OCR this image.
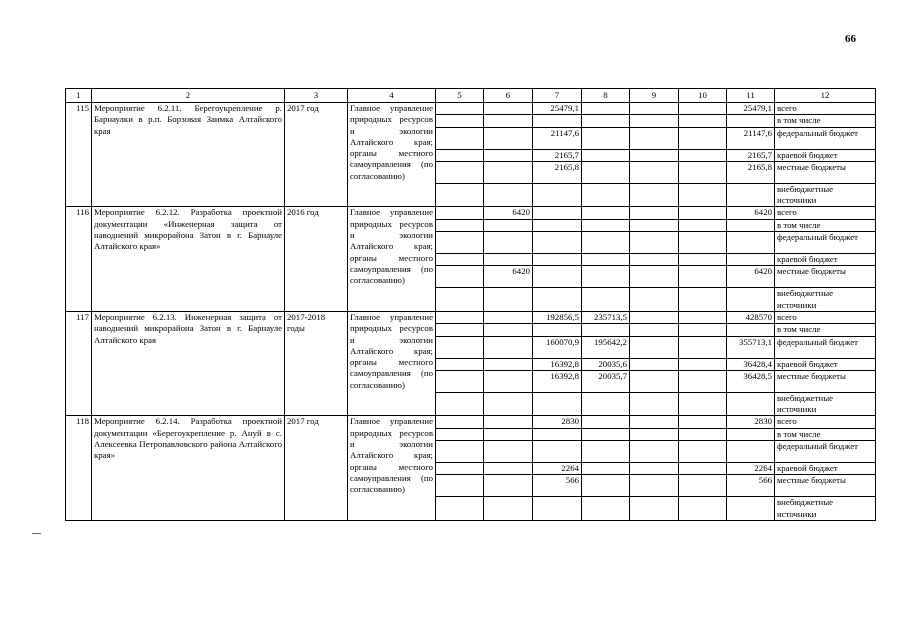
66
1	2	3	4	5	6	7	8	9	10	11	12
115	Мероприятие 6.2.11. Берегоукрепление р. Барнаулки в р.п. Борзовая Заимка Алтайского края	2017 год	Главное управление природных ресурсов и экологии Алтайского края; органы местного самоуправления (по согласованию)			25479,1				25479,1	всего
											в том числе
						21147,6				21147,6	федеральный бюджет
						2165,7				2165,7	краевой бюджет
						2165,8				2165,8	местные бюджеты
											внебюджетные источники
116	Мероприятие 6.2.12. Разработка проектной документации «Инженерная защита от наводнений микрорайона Затон в г. Барнауле Алтайского края»	2016 год	Главное управление природных ресурсов и экологии Алтайского края; органы местного самоуправления (по согласованию)		6420					6420	всего
											в том числе
											федеральный бюджет
											краевой бюджет
					6420					6420	местные бюджеты
											внебюджетные источники
117	Мероприятие 6.2.13. Инженерная защита от наводнений микрорайона Затон в г. Барнауле Алтайского края	2017-2018 годы	Главное управление природных ресурсов и экологии Алтайского края; органы местного самоуправления (по согласованию)			192856,5	235713,5			428570	всего
											в том числе
						160070,9	195642,2			355713,1	федеральный бюджет
						16392,8	20035,6			36428,4	краевой бюджет
						16392,8	20035,7			36428,5	местные бюджеты
											внебюджетные источники
118	Мероприятие 6.2.14. Разработка проектной документации «Берегоукрепление р. Ануй в с. Алексеевка Петропавловского района Алтайского края»	2017 год	Главное управление природных ресурсов и экологии Алтайского края; органы местного самоуправления (по согласованию)			2830				2830	всего
											в том числе
											федеральный бюджет
						2264				2264	краевой бюджет
						566				566	местные бюджеты
											внебюджетные источники
